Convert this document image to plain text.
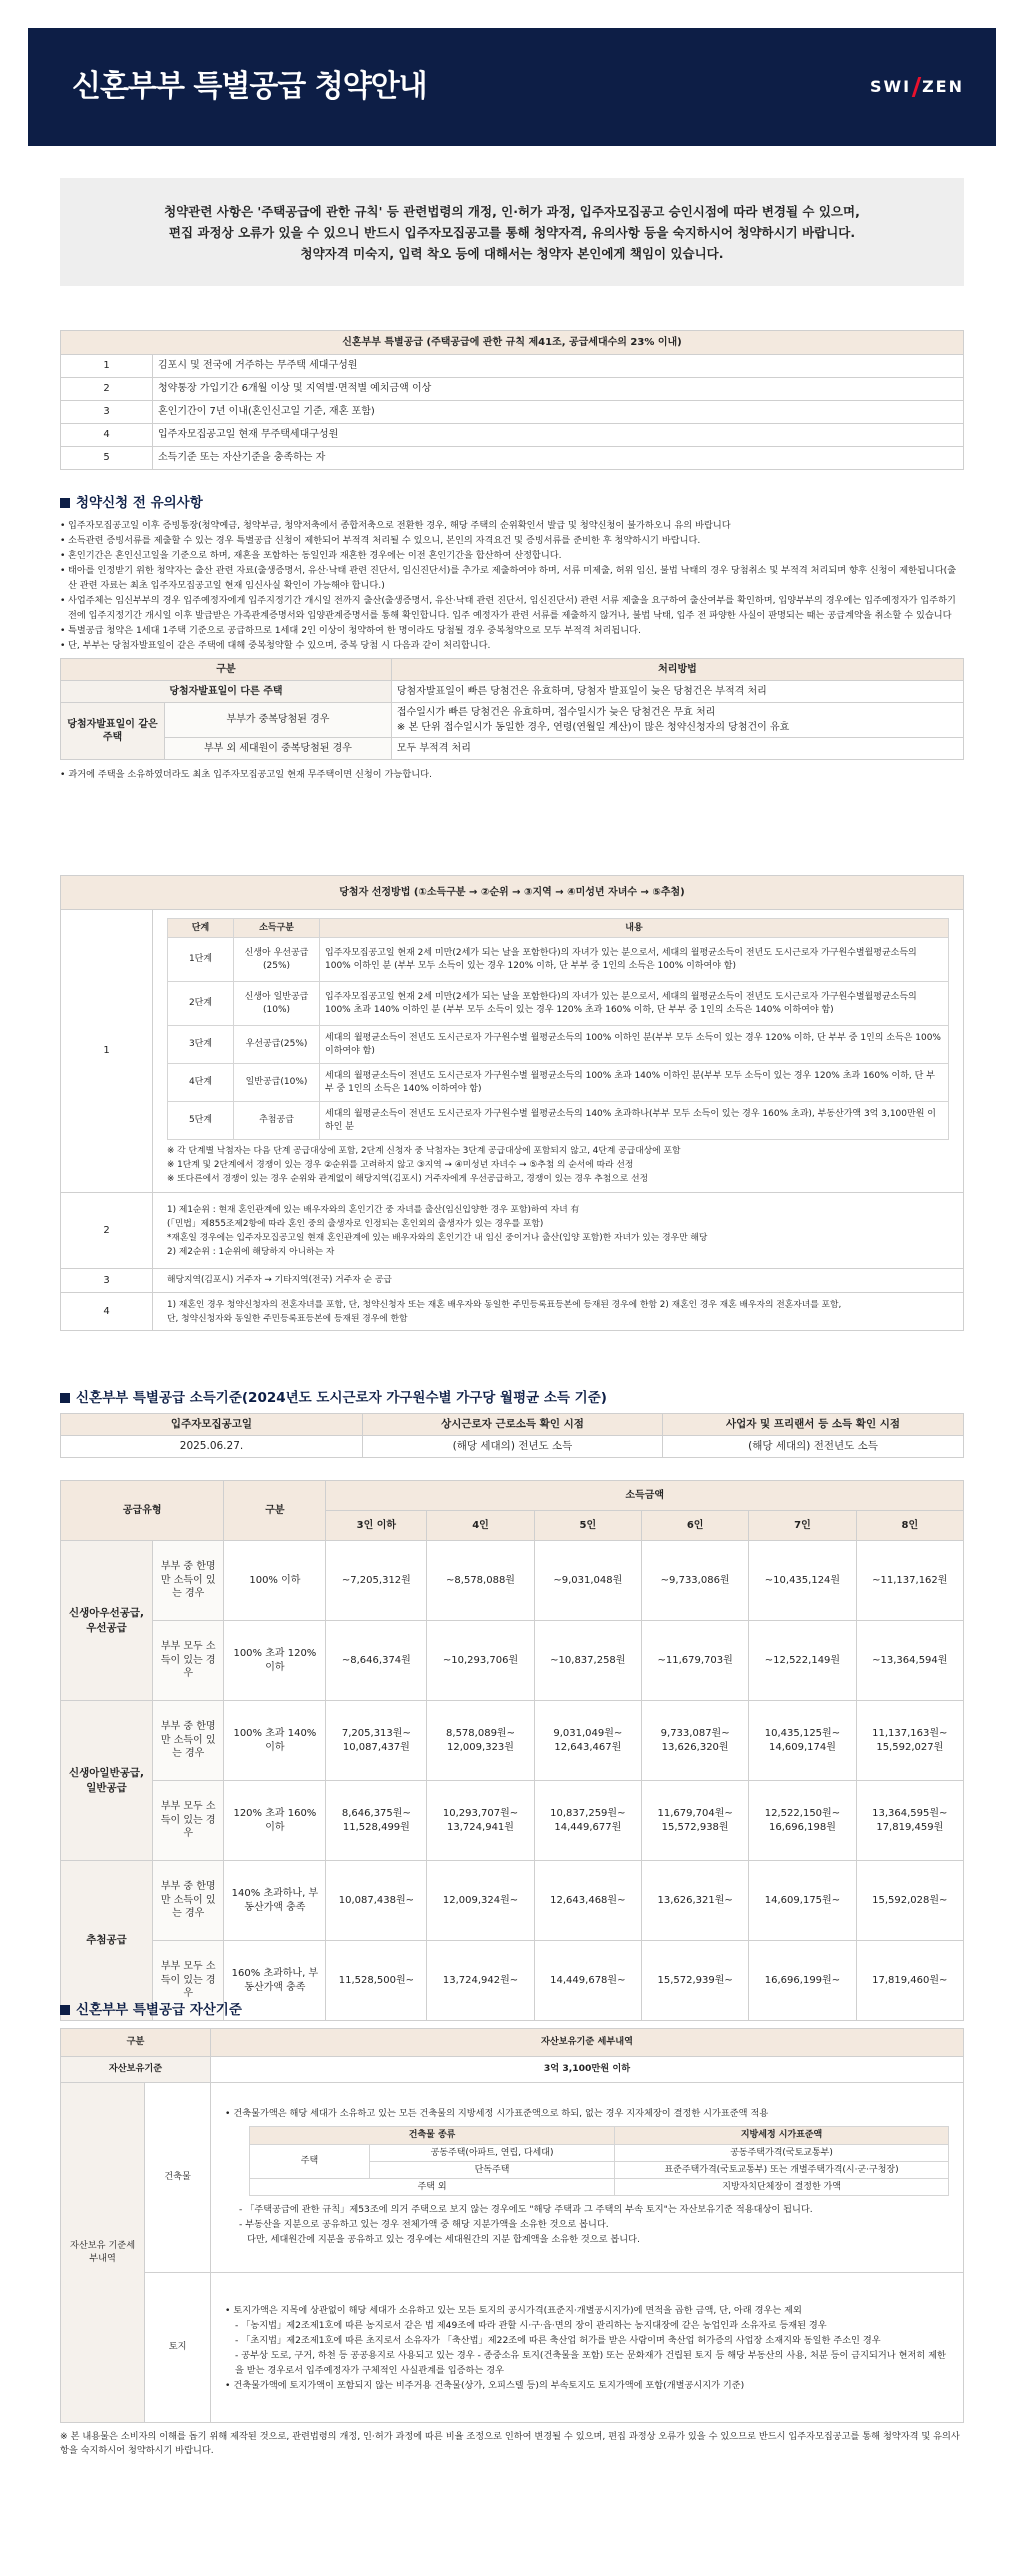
신혼부부 특별공급 청약안내	SWI ZEN

청약관련 사항은 '주택공급에 관한 규칙' 등 관련법령의 개정, 인·허가 과정, 입주자모집공고 승인시점에 따라 변경될 수 있으며,

편집 과정상 오류가 있을 수 있으니 반드시 입주자모집공고를 통해 청약자격, 유의사항 등을 숙지하시어 청약하시기 바랍니다.

청약자격 미숙지, 입력 착오 등에 대해서는 청약자 본인에게 책임이 있습니다.

신혼부부 특별공급 (주택공급에 관한 규칙 제41조, 공급세대수의 23% 이내)	
1	김포시 및 전국에 거주하는 무주택 세대구성원
2	청약통장 가입기간 6개월 이상 및 지역별·면적별 예치금액 이상
3	혼인기간이 7년 이내(혼인신고일 기준, 재혼 포함)
4	입주자모집공고일 현재 무주택세대구성원
5	소득기준 또는 자산기준을 충족하는 자
청약신청 전 유의사항
• 입주자모집공고일 이후 증빙통장(청약예금, 청약부금, 청약저축에서 종합저축으로 전환한 경우, 해당 주택의 순위확인서 발급 및 청약신청이 불가하오니 유의 바랍니다
• 소득관련 증빙서류를 제출할 수 있는 경우 특별공급 신청이 제한되어 부적격 처리될 수 있으니, 본인의 자격요건 및 증빙서류를 준비한 후 청약하시기 바랍니다.
• 혼인기간은 혼인신고일을 기준으로 하며, 재혼을 포함하는 동일인과 재혼한 경우에는 이전 혼인기간을 합산하여 산정합니다.
• 태아를 인정받기 위한 청약자는 출산 관련 자료(출생증명서, 유산·낙태 관련 진단서, 임신진단서)를 추가로 제출하여야 하며, 서류 미제출, 허위 임신, 불법 낙태의 경우 당첨취소 및 부적격 처리되며 향후 신청이 제한됩니다(출산 관련 자료는 최초 입주자모집공고일 현재 임신사실 확인이 가능해야 합니다.)
• 사업주체는 임신부부의 경우 입주예정자에게 입주지정기간 개시일 전까지 출산(출생증명서, 유산·낙태 관련 진단서, 임신진단서) 관련 서류 제출을 요구하여 출산여부를 확인하며, 입양부부의 경우에는 입주예정자가 입주하기 전에 입주지정기간 개시일 이후 발급받은 가족관계증명서와 입양관계증명서를 통해 확인합니다. 입주 예정자가 관련 서류를 제출하지 않거나, 불법 낙태, 입주 전 파양한 사실이 판명되는 때는 공급계약을 취소할 수 있습니다
• 특별공급 청약은 1세대 1주택 기준으로 공급하므로 1세대 2인 이상이 청약하여 한 명이라도 당첨될 경우 중복청약으로 모두 부적격 처리됩니다.
• 단, 부부는 당첨자발표일이 같은 주택에 대해 중복청약할 수 있으며, 중복 당첨 시 다음과 같이 처리합니다.
구분		처리방법
당첨자발표일이 다른 주택		당첨자발표일이 빠른 당첨건은 유효하며, 당첨자 발표일이 늦은 당첨건은 부적격 처리
당첨자발표일이 같은 주택	부부가 중복당첨된 경우	접수일시가 빠른 당첨건은 유효하며, 접수일시가 늦은 당첨건은 무효 처리
※ 본 단위 접수일시가 동일한 경우, 연령(연월일 계산)이 많은 청약신청자의 당첨건이 유효

	부부 외 세대원이 중복당첨된 경우	모두 부적격 처리
• 과거에 주택을 소유하였더라도 최초 입주자모집공고일 현재 무주택이면 신청이 가능합니다.
당첨자 선정방법 (①소득구분 → ②순위 → ③지역 → ④미성년 자녀수 → ⑤추첨)
1	
단계	소득구분	내용
1단계	신생아 우선공급(25%)	입주자모집공고일 현재 2세 미만(2세가 되는 날을 포함한다)의 자녀가 있는 분으로서, 세대의 월평균소득이 전년도 도시근로자 가구원수별월평균소득의 100% 이하인 분 (부부 모두 소득이 있는 경우 120% 이하, 단 부부 중 1인의 소득은 100% 이하여야 함)
2단계	신생아 일반공급(10%)	입주자모집공고일 현재 2세 미만(2세가 되는 날을 포함한다)의 자녀가 있는 분으로서, 세대의 월평균소득이 전년도 도시근로자 가구원수별월평균소득의 100% 초과 140% 이하인 분 (부부 모두 소득이 있는 경우 120% 초과 160% 이하, 단 부부 중 1인의 소득은 140% 이하여야 함)
3단계	우선공급(25%)	세대의 월평균소득이 전년도 도시근로자 가구원수별 월평균소득의 100% 이하인 분(부부 모두 소득이 있는 경우 120% 이하, 단 부부 중 1인의 소득은 100% 이하여야 함)
4단계	일반공급(10%)	세대의 월평균소득이 전년도 도시근로자 가구원수별 월평균소득의 100% 초과 140% 이하인 분(부부 모두 소득이 있는 경우 120% 초과 160% 이하, 단 부부 중 1인의 소득은 140% 이하여야 함)
5단계	추첨공급	세대의 월평균소득이 전년도 도시근로자 가구원수별 월평균소득의 140% 초과하나(부부 모두 소득이 있는 경우 160% 초과), 부동산가액 3억 3,100만원 이하인 분
※ 각 단계별 낙첨자는 다음 단계 공급대상에 포함, 2단계 신청자 중 낙첨자는 3단계 공급대상에 포함되지 않고, 4단계 공급대상에 포함
※ 1단계 및 2단계에서 경쟁이 있는 경우 ②순위를 고려하지 않고 ③지역 → ④미성년 자녀수 → ⑤추첨 의 순서에 따라 선정
※ 또다른에서 경쟁이 있는 경우 순위와 관계없이 해당지역(김포시) 거주자에게 우선공급하고, 경쟁이 있는 경우 추첨으로 선정

2	
1) 제1순위 : 현재 혼인관계에 있는 배우자와의 혼인기간 중 자녀를 출산(임신입양한 경우 포함)하여 자녀 有
(「민법」제855조제2항에 따라 혼인 중의 출생자로 인정되는 혼인외의 출생자가 있는 경우를 포함)
*재혼일 경우에는 입주자모집공고일 현재 혼인관계에 있는 배우자와의 혼인기간 내 임신 중이거나 출산(입양 포함)한 자녀가 있는 경우만 해당
2) 제2순위 : 1순위에 해당하지 아니하는 자

3	해당지역(김포시) 거주자 → 기타지역(전국) 거주자 순 공급
4	
1) 재혼인 경우 청약신청자의 전혼자녀를 포함, 단, 청약신청자 또는 재혼 배우자와 동일한 주민등록표등본에 등재된 경우에 한함 2) 재혼인 경우 재혼 배우자의 전혼자녀를 포함,
단, 청약신청자와 동일한 주민등록표등본에 등재된 경우에 한함
신혼부부 특별공급 소득기준(2024년도 도시근로자 가구원수별 가구당 월평균 소득 기준)
입주자모집공고일	상시근로자 근로소득 확인 시점	사업자 및 프리랜서 등 소득 확인 시점
2025.06.27.	(해당 세대의) 전년도 소득	(해당 세대의) 전전년도 소득
공급유형		구분	소득금액					
			3인 이하	4인	5인	6인	7인	8인
신생아우선공급, 우선공급	부부 중 한명만 소득이 있는 경우	100% 이하	~7,205,312원	~8,578,088원	~9,031,048원	~9,733,086원	~10,435,124원	~11,137,162원
	부부 모두 소득이 있는 경우	100% 초과 120% 이하	~8,646,374원	~10,293,706원	~10,837,258원	~11,679,703원	~12,522,149원	~13,364,594원
신생아일반공급, 일반공급	부부 중 한명만 소득이 있는 경우	100% 초과 140% 이하	7,205,313원~ 10,087,437원	8,578,089원~ 12,009,323원	9,031,049원~ 12,643,467원	9,733,087원~ 13,626,320원	10,435,125원~ 14,609,174원	11,137,163원~ 15,592,027원
	부부 모두 소득이 있는 경우	120% 초과 160% 이하	8,646,375원~ 11,528,499원	10,293,707원~ 13,724,941원	10,837,259원~ 14,449,677원	11,679,704원~ 15,572,938원	12,522,150원~ 16,696,198원	13,364,595원~ 17,819,459원
추첨공급	부부 중 한명만 소득이 있는 경우	140% 초과하나, 부동산가액 충족	10,087,438원~	12,009,324원~	12,643,468원~	13,626,321원~	14,609,175원~	15,592,028원~
	부부 모두 소득이 있는 경우	160% 초과하나, 부동산가액 충족	11,528,500원~	13,724,942원~	14,449,678원~	15,572,939원~	16,696,199원~	17,819,460원~
신혼부부 특별공급 자산기준
구분	자산보유기준 세부내역
자산보유기준	3억 3,100만원 이하
자산보유 기준세부내역	건축물	
• 건축물가액은 해당 세대가 소유하고 있는 모든 건축물의 지방세정 시가표준액으로 하되, 없는 경우 지자체장이 결정한 시가표준액 적용
건축물 종류	지방세정 시가표준액
주택	공동주택(아파트, 연립, 다세대)	공동주택가격(국토교통부)
단독주택	표준주택가격(국토교통부) 또는 개별주택가격(시·군·구청장)
주택 외	지방자치단체장이 결정한 가액
- 「주택공급에 관한 규칙」제53조에 의거 주택으로 보지 않는 경우에도 "해당 주택과 그 주택의 부속 토지"는 자산보유기준 적용대상이 됩니다.
- 부동산을 지분으로 공유하고 있는 경우 전체가액 중 해당 지분가액을 소유한 것으로 봅니다.
다만, 세대원간에 지분을 공유하고 있는 경우에는 세대원간의 지분 합계액을 소유한 것으로 봅니다.

토지	
• 토지가액은 지목에 상관없이 해당 세대가 소유하고 있는 모든 토지의 공시가격(표준지·개별공시지가)에 면적을 곱한 금액, 단, 아래 경우는 제외
- 「농지법」제2조제1호에 따른 농지로서 같은 법 제49조에 따라 관할 시·구·읍·면의 장이 관리하는 농지대장에 같은 농업인과 소유자로 등재된 경우
- 「초지법」제2조제1호에 따른 초지로서 소유자가 「축산법」제22조에 따른 축산업 허가를 받은 사람이며 축산업 허가증의 사업장 소재지와 동일한 주소인 경우
- 공부상 도로, 구거, 하천 등 공공용지로 사용되고 있는 경우 - 종중소유 토지(건축물을 포함) 또는 문화재가 건립된 토지 등 해당 부동산의 사용, 처분 등이 금지되거나 현저히 제한을 받는 경우로서 입주예정자가 구체적인 사실관계를 입증하는 경우
• 건축물가액에 토지가액이 포함되지 않는 비주거용 건축물(상가, 오피스텔 등)의 부속토지도 토지가액에 포함(개별공시지가 기준)
※ 본 내용물은 소비자의 이해를 돕기 위해 제작된 것으로, 관련법령의 개정, 인·허가 과정에 따른 비율 조정으로 인하여 변경될 수 있으며, 편집 과정상 오류가 있을 수 있으므로 반드시 입주자모집공고를 통해 청약자격 및 유의사항을 숙지하시어 청약하시기 바랍니다.
